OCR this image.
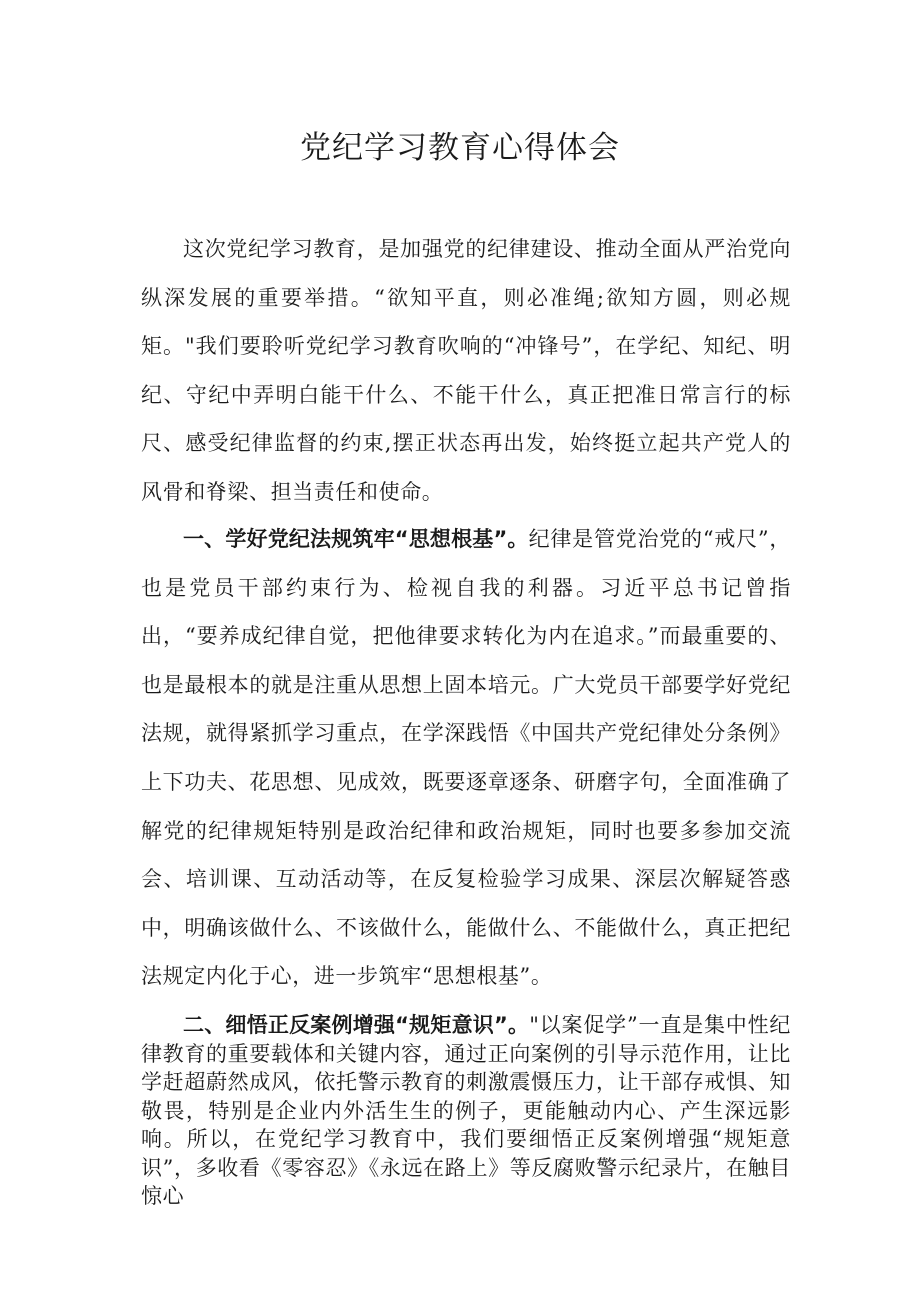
党纪学习教育心得体会

这次党纪学习教育，是加强党的纪律建设、推动全面从严治党向纵深发展的重要举措。“欲知平直，则必准绳;欲知方圆，则必规矩。"我们要聆听党纪学习教育吹响的“冲锋号”，在学纪、知纪、明纪、守纪中弄明白能干什么、不能干什么，真正把准日常言行的标尺、感受纪律监督的约束,摆正状态再出发，始终挺立起共产党人的风骨和脊梁、担当责任和使命。

一、学好党纪法规筑牢“思想根基”。纪律是管党治党的“戒尺”，也是党员干部约束行为、检视自我的利器。习近平总书记曾指出，“要养成纪律自觉，把他律要求转化为内在追求。”而最重要的、也是最根本的就是注重从思想上固本培元。广大党员干部要学好党纪法规，就得紧抓学习重点，在学深践悟《中国共产党纪律处分条例》上下功夫、花思想、见成效，既要逐章逐条、研磨字句，全面准确了解党的纪律规矩特别是政治纪律和政治规矩，同时也要多参加交流会、培训课、互动活动等，在反复检验学习成果、深层次解疑答惑中，明确该做什么、不该做什么，能做什么、不能做什么，真正把纪法规定内化于心，进一步筑牢“思想根基”。

二、细悟正反案例增强“规矩意识”。"以案促学”一直是集中性纪律教育的重要载体和关键内容，通过正向案例的引导示范作用，让比学赶超蔚然成风，依托警示教育的刺激震慑压力，让干部存戒惧、知敬畏，特别是企业内外活生生的例子，更能触动内心、产生深远影响。所以，在党纪学习教育中，我们要细悟正反案例增强“规矩意识”，多收看《零容忍》《永远在路上》等反腐败警示纪录片，在触目惊心
